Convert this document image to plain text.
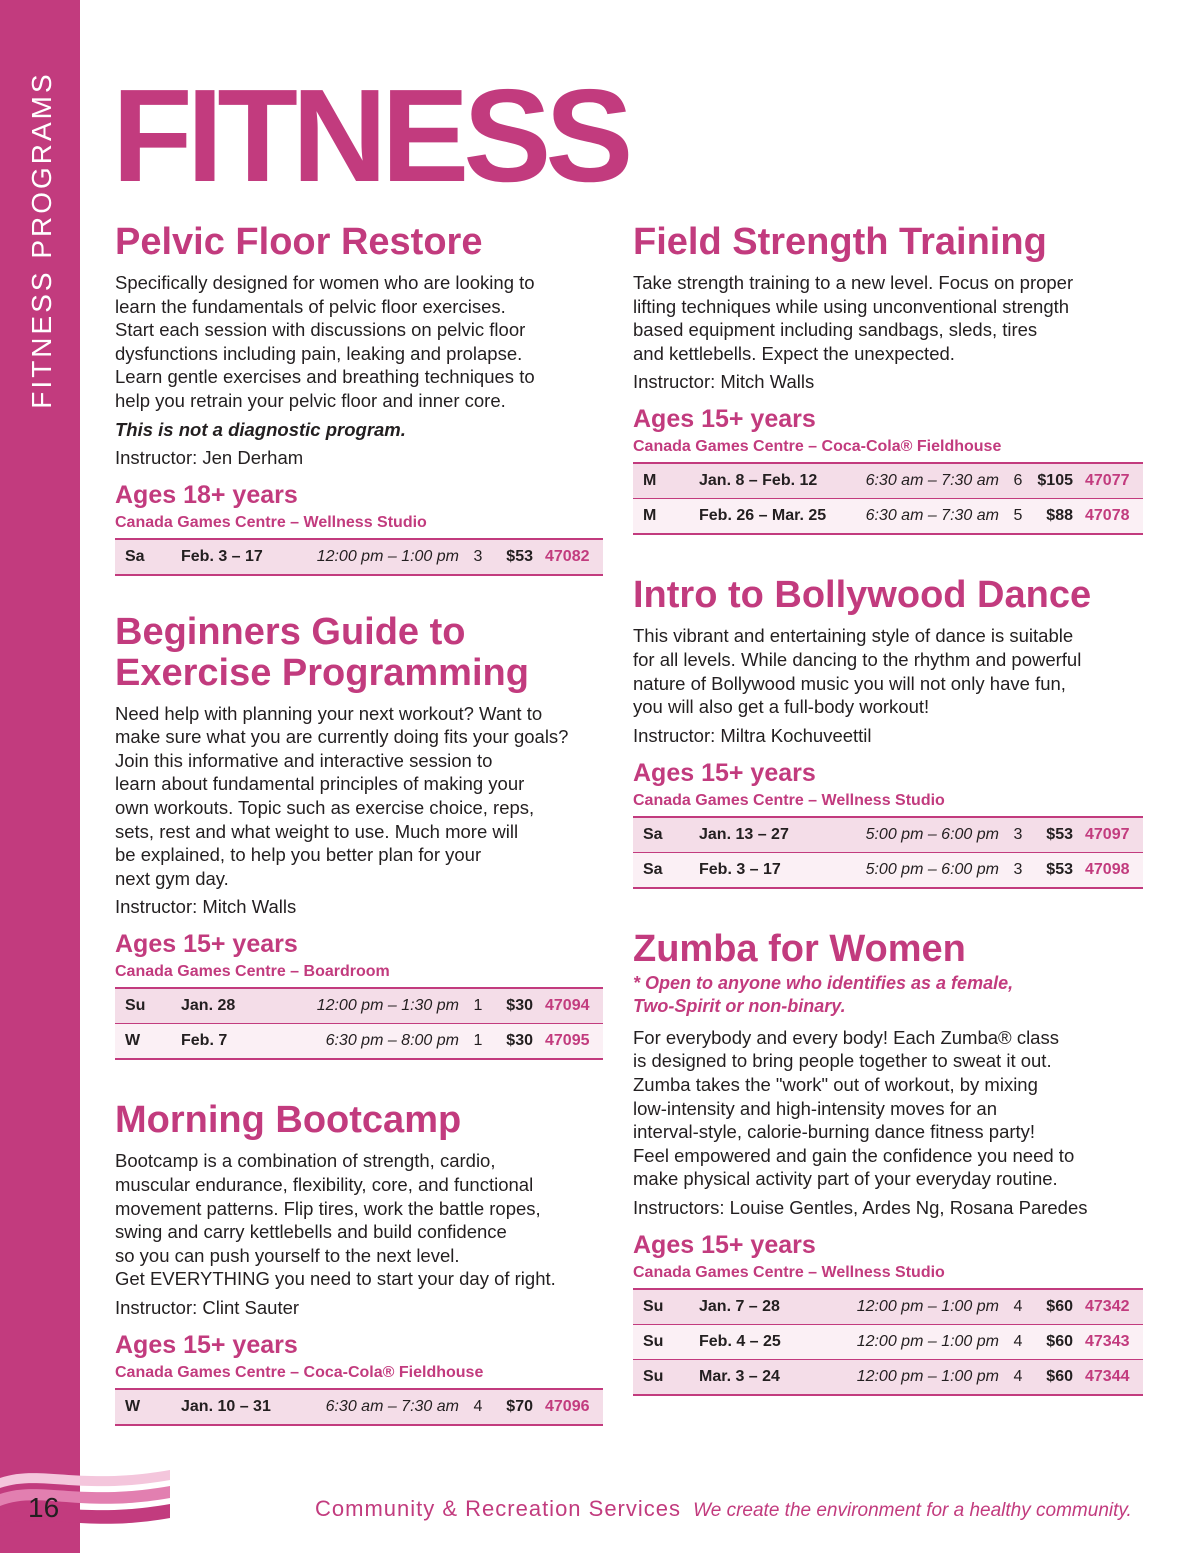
FITNESS PROGRAMS
16
FITNESS
Pelvic Floor Restore

Specifically designed for women who are looking to
learn the fundamentals of pelvic floor exercises.
Start each session with discussions on pelvic floor
dysfunctions including pain, leaking and prolapse.
Learn gentle exercises and breathing techniques to
help you retrain your pelvic floor and inner core.

This is not a diagnostic program.

Instructor: Jen Derham

Ages 18+ years
Canada Games Centre – Wellness Studio
Sa	Feb. 3 – 17	12:00 pm – 1:00 pm	3	$53	47082
Beginners Guide to
Exercise Programming

Need help with planning your next workout? Want to
make sure what you are currently doing fits your goals?
Join this informative and interactive session to
learn about fundamental principles of making your
own workouts. Topic such as exercise choice, reps,
sets, rest and what weight to use. Much more will
be explained, to help you better plan for your
next gym day.

Instructor: Mitch Walls

Ages 15+ years
Canada Games Centre – Boardroom
Su	Jan. 28	12:00 pm – 1:30 pm	1	$30	47094
W	Feb. 7	6:30 pm – 8:00 pm	1	$30	47095
Morning Bootcamp

Bootcamp is a combination of strength, cardio,
muscular endurance, flexibility, core, and functional
movement patterns. Flip tires, work the battle ropes,
swing and carry kettlebells and build confidence
so you can push yourself to the next level.
Get EVERYTHING you need to start your day of right.

Instructor: Clint Sauter

Ages 15+ years
Canada Games Centre – Coca-Cola® Fieldhouse
W	Jan. 10 – 31	6:30 am – 7:30 am	4	$70	47096
Field Strength Training

Take strength training to a new level. Focus on proper
lifting techniques while using unconventional strength
based equipment including sandbags, sleds, tires
and kettlebells. Expect the unexpected.

Instructor: Mitch Walls

Ages 15+ years
Canada Games Centre – Coca-Cola® Fieldhouse
M	Jan. 8 – Feb. 12	6:30 am – 7:30 am	6	$105	47077
M	Feb. 26 – Mar. 25	6:30 am – 7:30 am	5	$88	47078
Intro to Bollywood Dance

This vibrant and entertaining style of dance is suitable
for all levels. While dancing to the rhythm and powerful
nature of Bollywood music you will not only have fun,
you will also get a full-body workout!

Instructor: Miltra Kochuveettil

Ages 15+ years
Canada Games Centre – Wellness Studio
Sa	Jan. 13 – 27	5:00 pm – 6:00 pm	3	$53	47097
Sa	Feb. 3 – 17	5:00 pm – 6:00 pm	3	$53	47098
Zumba for Women

* Open to anyone who identifies as a female,
Two-Spirit or non-binary.

For everybody and every body! Each Zumba® class
is designed to bring people together to sweat it out.
Zumba takes the "work" out of workout, by mixing
low-intensity and high-intensity moves for an
interval-style, calorie-burning dance fitness party!
Feel empowered and gain the confidence you need to
make physical activity part of your everyday routine.

Instructors: Louise Gentles, Ardes Ng, Rosana Paredes

Ages 15+ years
Canada Games Centre – Wellness Studio
Su	Jan. 7 – 28	12:00 pm – 1:00 pm	4	$60	47342
Su	Feb. 4 – 25	12:00 pm – 1:00 pm	4	$60	47343
Su	Mar. 3 – 24	12:00 pm – 1:00 pm	4	$60	47344
Community & Recreation Services We create the environment for a healthy community.
